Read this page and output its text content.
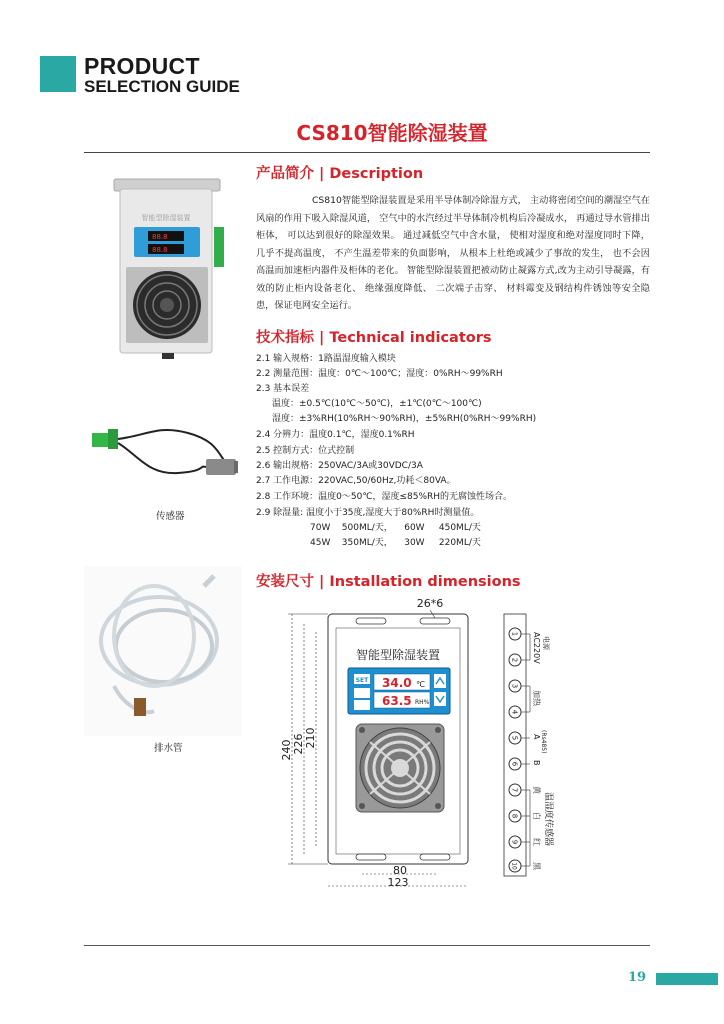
PRODUCT
SELECTION GUIDE
CS810智能除湿装置
产品简介 | Description
CS810智能型除湿装置是采用半导体制冷除湿方式， 主动将密闭空间的潮湿空气在风扇的作用下吸入除湿风道， 空气中的水汽经过半导体制冷机构后冷凝成水， 再通过导水管排出柜体， 可以达到很好的除湿效果。 通过减低空气中含水量， 使相对湿度和绝对湿度同时下降， 几乎不提高温度， 不产生温差带来的负面影响， 从根本上杜绝或减少了事故的发生， 也不会因高温而加速柜内器件及柜体的老化。 智能型除湿装置把被动防止凝露方式,改为主动引导凝露，有效的防止柜内设备老化、 绝缘强度降低、 二次端子击穿、 材料霉变及钢结构件锈蚀等安全隐患，保证电网安全运行。
智能型除湿装置
88.8
88.8
技术指标 | Technical indicators
2.1 输入规格：1路温湿度输入模块
2.2 测量范围：温度：0℃～100℃；湿度：0%RH～99%RH
2.3 基本误差
温度：±0.5℃(10℃～50℃)，±1℃(0℃～100℃)
湿度：±3%RH(10%RH～90%RH)，±5%RH(0%RH～99%RH)
2.4 分辨力：温度0.1℃，湿度0.1%RH
2.5 控制方式：位式控制
2.6 输出规格：250VAC/3A或30VDC/3A
2.7 工作电源：220VAC,50/60Hz,功耗＜80VA。
2.8 工作环境：温度0～50℃，湿度≤85%RH的无腐蚀性场合。
2.9 除湿量: 温度小于35度,湿度大于80%RH时测量值。
70W    500ML/天，    60W     450ML/天
45W    350ML/天，    30W     220ML/天
传感器
排水管
安装尺寸 | Installation dimensions
26*6
智能型除湿装置
SET 34.0 ℃
63.5 RH%
240 226 210
80
123
1
2
3
4
5
6
7
8
9
10
AC220V 电源
加热
A (Rs485)
B
黄
白
红
黑
温湿度传感器
19
